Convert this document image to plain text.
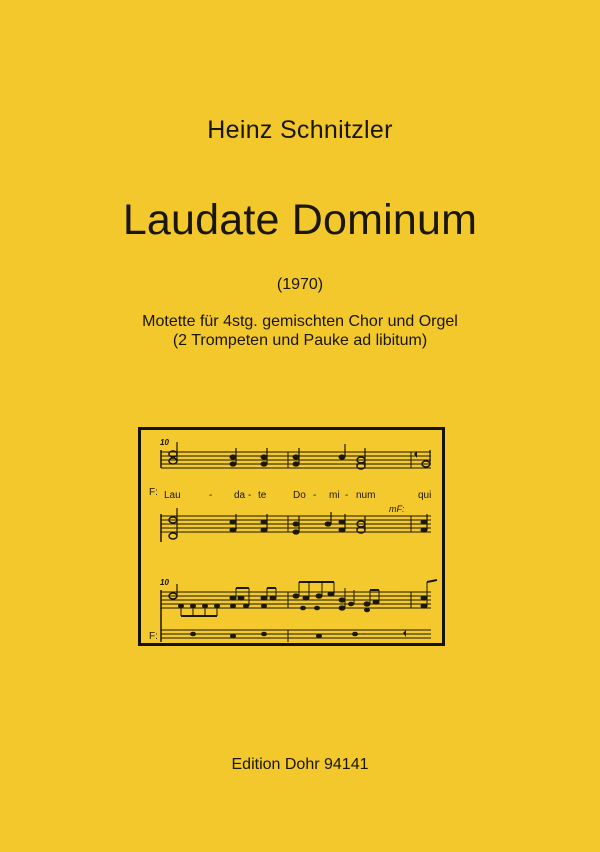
Heinz Schnitzler
Laudate Dominum
(1970)
Motette für 4stg. gemischten Chor und Orgel
(2 Trompeten und Pauke ad libitum)
10
F: Lau	- da - te	Do - mi - num	qui
mF:
10
F:
Edition Dohr 94141
